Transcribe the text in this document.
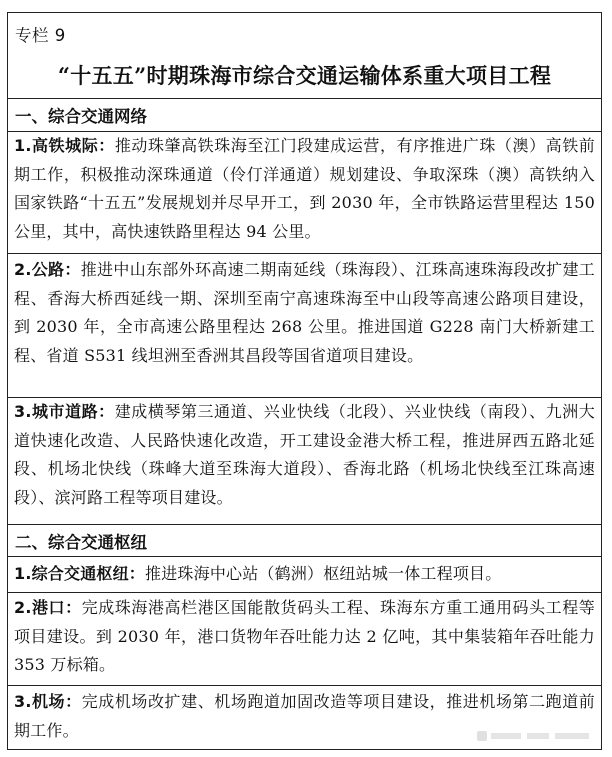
专栏 9
“十五五”时期珠海市综合交通运输体系重大项目工程
一、综合交通网络
1.高铁城际：推动珠肇高铁珠海至江门段建成运营，有序推进广珠（澳）高铁前期工作，积极推动深珠通道（伶仃洋通道）规划建设、争取深珠（澳）高铁纳入国家铁路“十五五”发展规划并尽早开工，到 2030 年，全市铁路运营里程达 150 公里，其中，高快速铁路里程达 94 公里。
2.公路：推进中山东部外环高速二期南延线（珠海段）、江珠高速珠海段改扩建工程、香海大桥西延线一期、深圳至南宁高速珠海至中山段等高速公路项目建设，到 2030 年，全市高速公路里程达 268 公里。推进国道 G228 南门大桥新建工程、省道 S531 线坦洲至香洲其昌段等国省道项目建设。
3.城市道路：建成横琴第三通道、兴业快线（北段）、兴业快线（南段）、九洲大道快速化改造、人民路快速化改造，开工建设金港大桥工程，推进屏西五路北延段、机场北快线（珠峰大道至珠海大道段）、香海北路（机场北快线至江珠高速段）、滨河路工程等项目建设。
二、综合交通枢纽
1.综合交通枢纽：推进珠海中心站（鹤洲）枢纽站城一体工程项目。
2.港口：完成珠海港高栏港区国能散货码头工程、珠海东方重工通用码头工程等项目建设。到 2030 年，港口货物年吞吐能力达 2 亿吨，其中集装箱年吞吐能力 353 万标箱。
3.机场：完成机场改扩建、机场跑道加固改造等项目建设，推进机场第二跑道前期工作。
